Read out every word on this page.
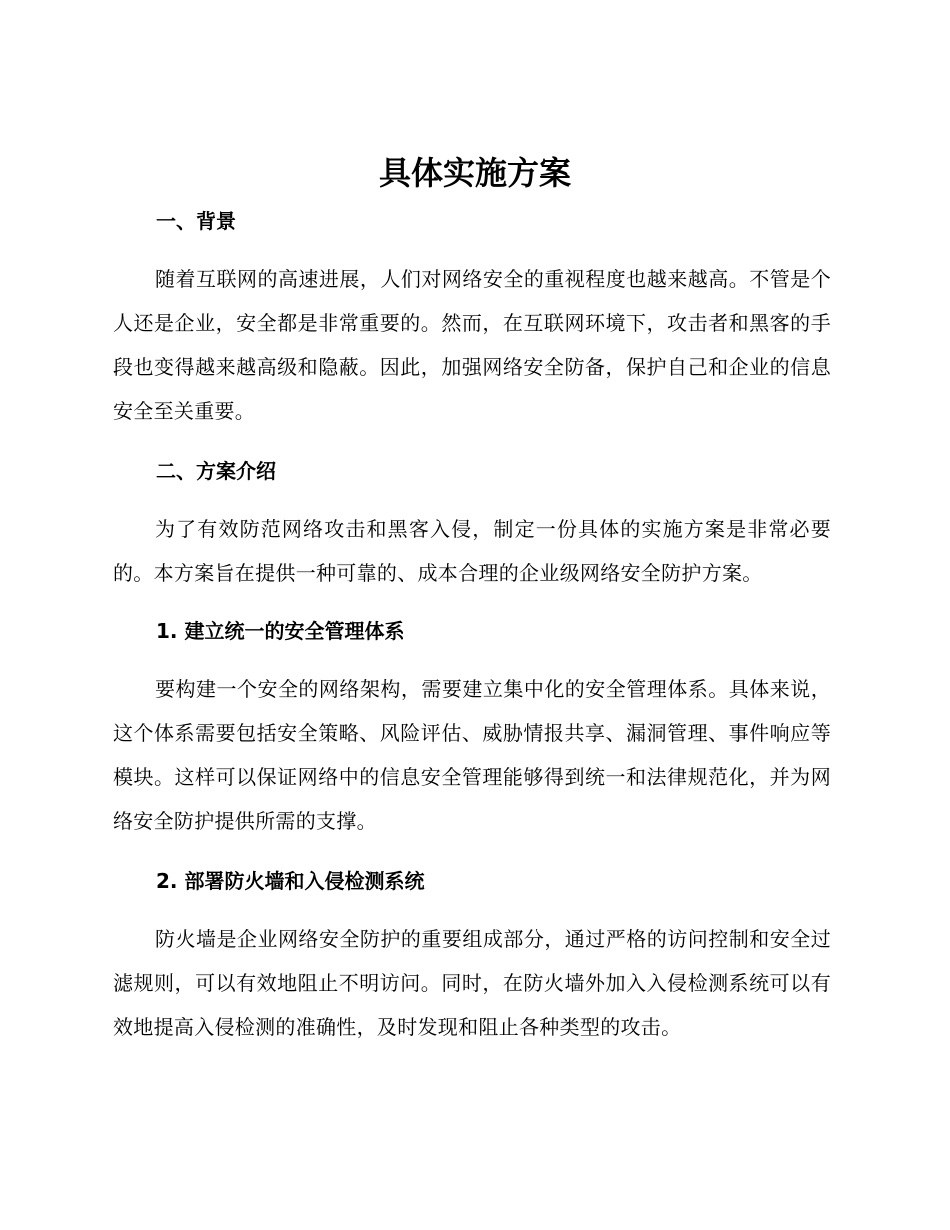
具体实施方案
一、背景

随着互联网的高速进展，人们对网络安全的重视程度也越来越高。不管是个人还是企业，安全都是非常重要的。然而，在互联网环境下，攻击者和黑客的手段也变得越来越高级和隐蔽。因此，加强网络安全防备，保护自己和企业的信息安全至关重要。

二、方案介绍

为了有效防范网络攻击和黑客入侵，制定一份具体的实施方案是非常必要的。本方案旨在提供一种可靠的、成本合理的企业级网络安全防护方案。

1. 建立统一的安全管理体系

要构建一个安全的网络架构，需要建立集中化的安全管理体系。具体来说，这个体系需要包括安全策略、风险评估、威胁情报共享、漏洞管理、事件响应等模块。这样可以保证网络中的信息安全管理能够得到统一和法律规范化，并为网络安全防护提供所需的支撑。

2. 部署防火墙和入侵检测系统

防火墙是企业网络安全防护的重要组成部分，通过严格的访问控制和安全过滤规则，可以有效地阻止不明访问。同时，在防火墙外加入入侵检测系统可以有效地提高入侵检测的准确性，及时发现和阻止各种类型的攻击。
